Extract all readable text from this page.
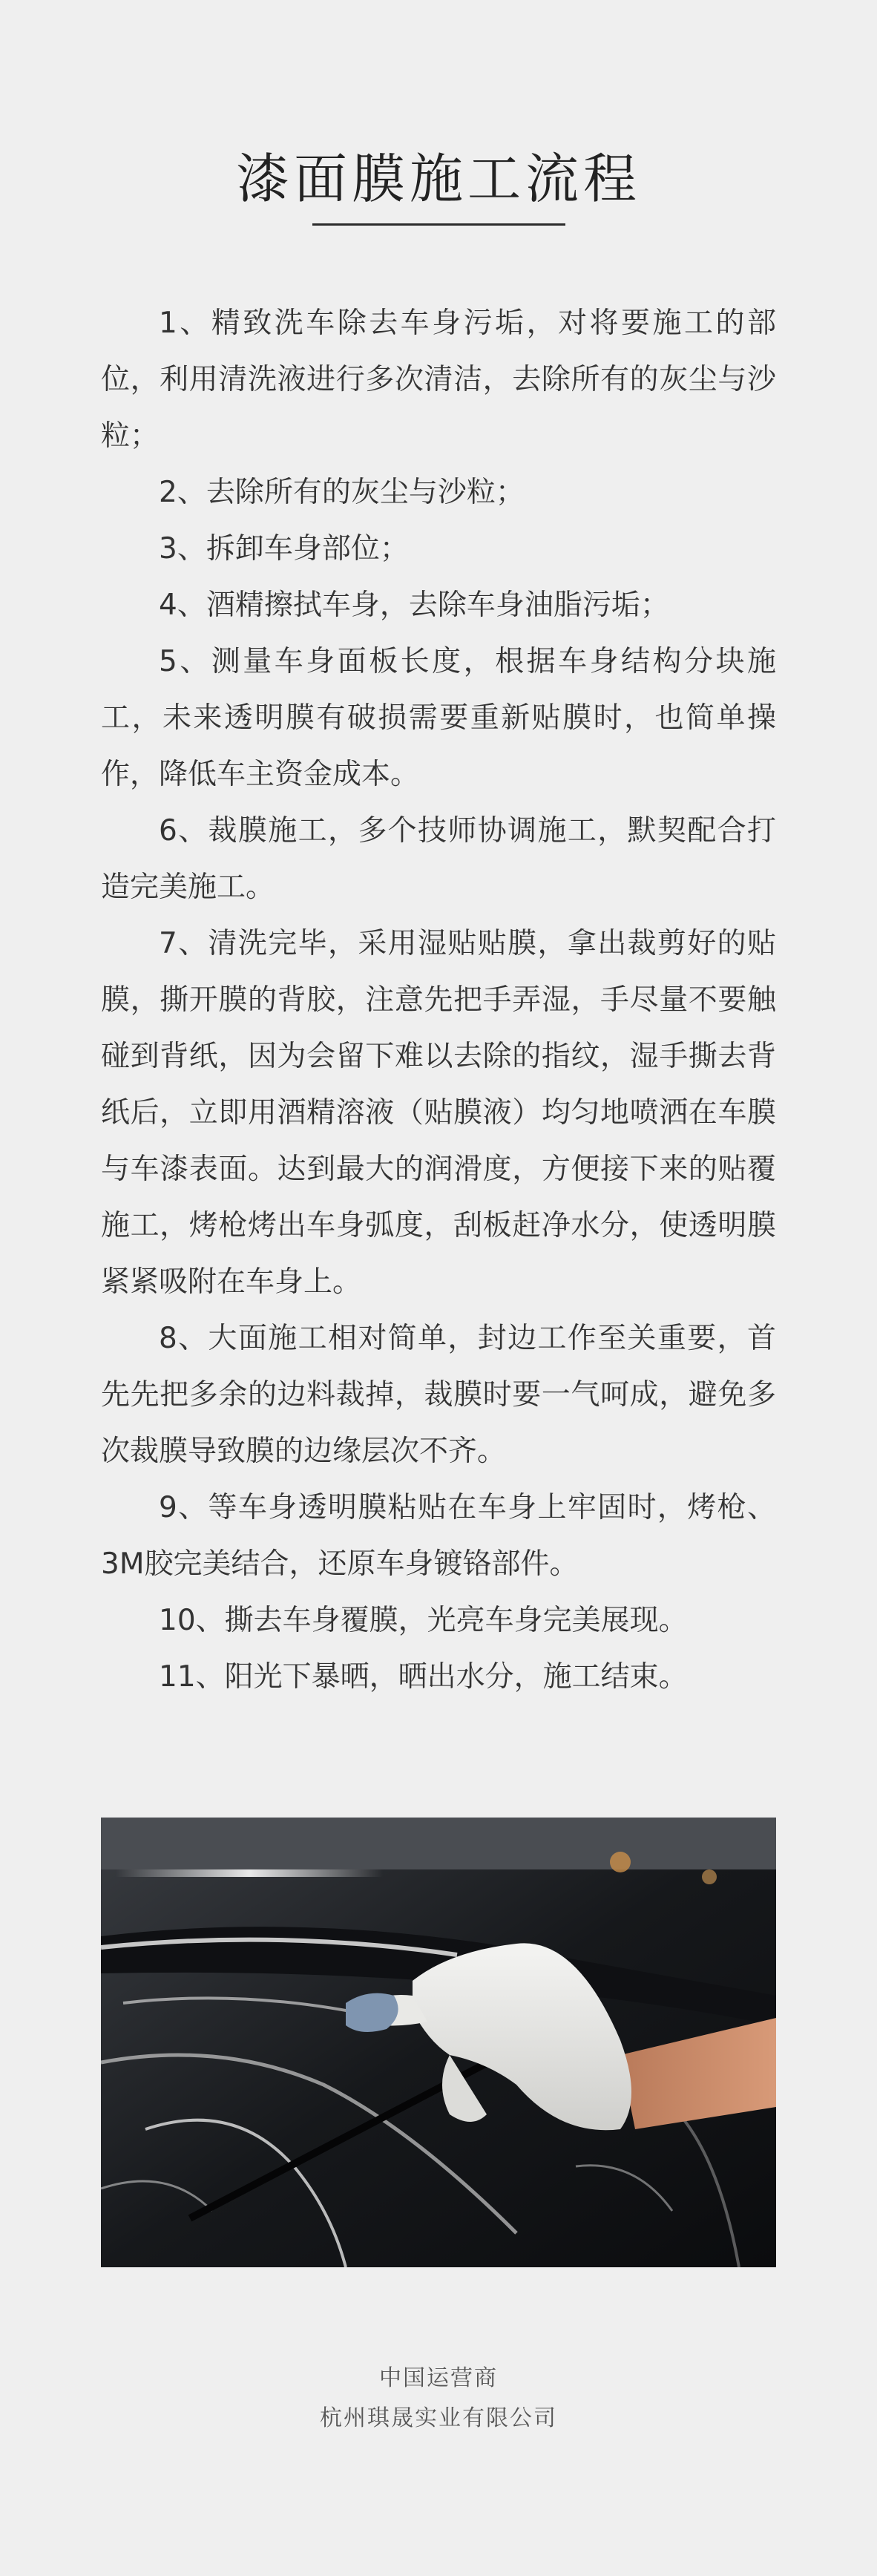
漆面膜施工流程

1、精致洗车除去车身污垢，对将要施工的部位，利用清洗液进行多次清洁，去除所有的灰尘与沙粒；

2、去除所有的灰尘与沙粒；

3、拆卸车身部位；

4、酒精擦拭车身，去除车身油脂污垢；

5、测量车身面板长度，根据车身结构分块施工，未来透明膜有破损需要重新贴膜时，也简单操作，降低车主资金成本。

6、裁膜施工，多个技师协调施工，默契配合打造完美施工。

7、清洗完毕，采用湿贴贴膜，拿出裁剪好的贴膜，撕开膜的背胶，注意先把手弄湿，手尽量不要触碰到背纸，因为会留下难以去除的指纹，湿手撕去背纸后，立即用酒精溶液（贴膜液）均匀地喷洒在车膜与车漆表面。达到最大的润滑度，方便接下来的贴覆施工，烤枪烤出车身弧度，刮板赶净水分，使透明膜紧紧吸附在车身上。

8、大面施工相对简单，封边工作至关重要，首先先把多余的边料裁掉，裁膜时要一气呵成，避免多次裁膜导致膜的边缘层次不齐。

9、等车身透明膜粘贴在车身上牢固时，烤枪、3M胶完美结合，还原车身镀铬部件。

10、撕去车身覆膜，光亮车身完美展现。

11、阳光下暴晒，晒出水分，施工结束。

中国运营商
杭州琪晟实业有限公司
